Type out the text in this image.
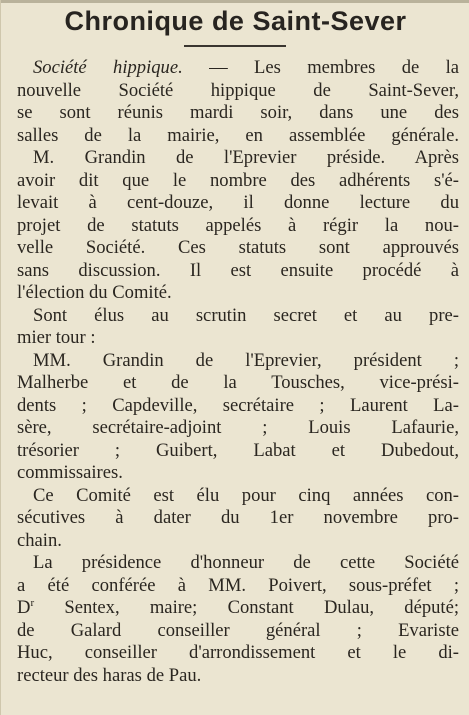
Chronique de Saint-Sever

Société hippique. — Les membres de la
nouvelle Société hippique de Saint-Sever,
se sont réunis mardi soir, dans une des
salles de la mairie, en assemblée générale.

M. Grandin de l'Eprevier préside. Après
avoir dit que le nombre des adhérents s'é-
levait à cent-douze, il donne lecture du
projet de statuts appelés à régir la nou-
velle Société. Ces statuts sont approuvés
sans discussion. Il est ensuite procédé à
l'élection du Comité.

Sont élus au scrutin secret et au pre-
mier tour :

MM. Grandin de l'Eprevier, président ;
Malherbe et de la Tousches, vice-prési-
dents ; Capdeville, secrétaire ; Laurent La-
sère, secrétaire-adjoint ; Louis Lafaurie,
trésorier ; Guibert, Labat et Dubedout,
commissaires.

Ce Comité est élu pour cinq années con-
sécutives à dater du 1er novembre pro-
chain.

La présidence d'honneur de cette Société
a été conférée à MM. Poivert, sous-préfet ;
$D^r$ Sentex, maire; Constant Dulau, député;
de Galard conseiller général ; Evariste
Huc, conseiller d'arrondissement et le di-
recteur des haras de Pau.
